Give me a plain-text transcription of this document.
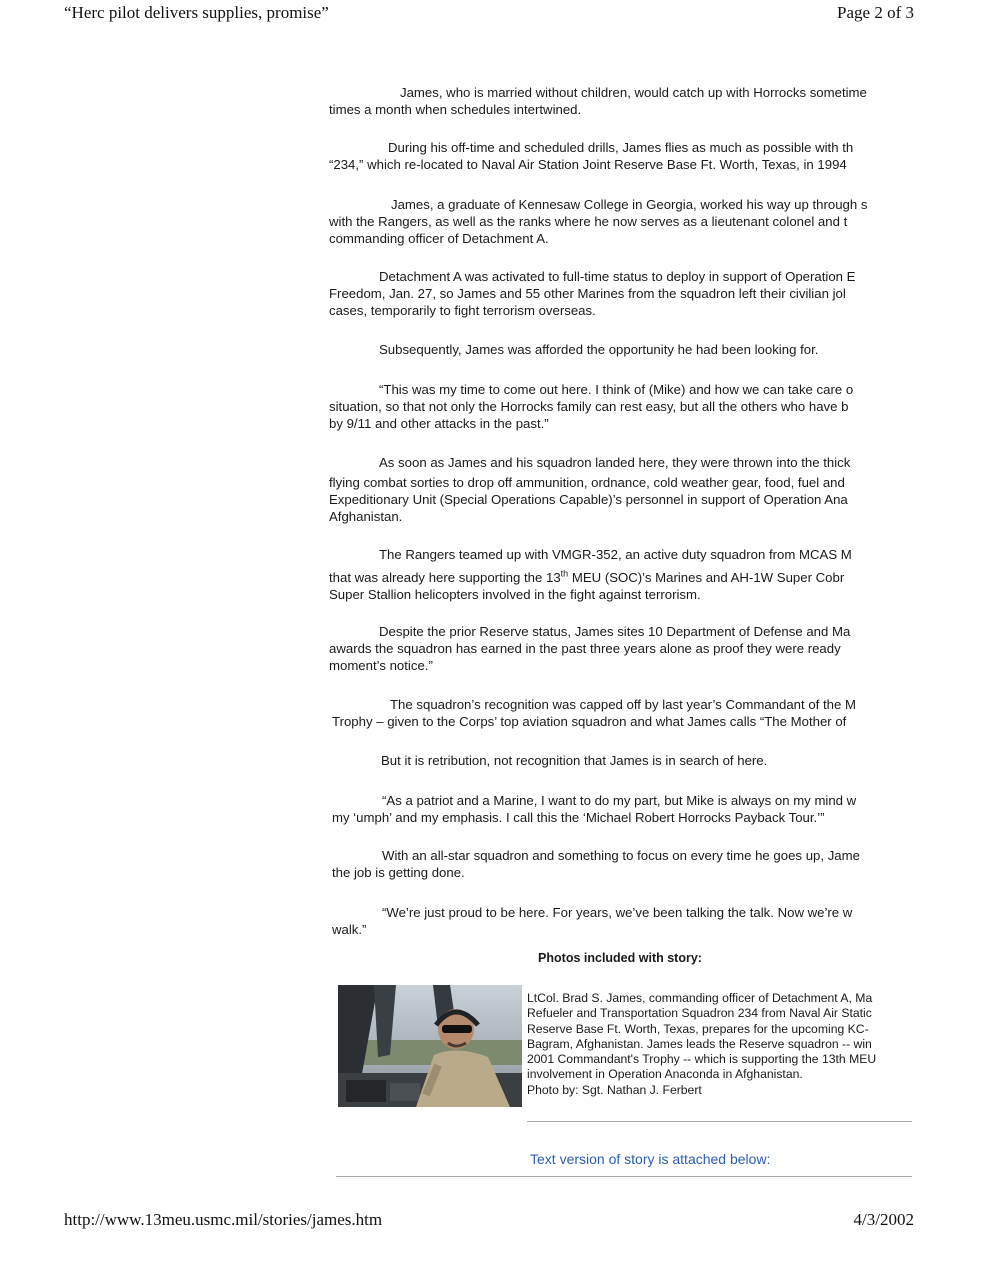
“Herc pilot delivers supplies, promise”	Page 2 of 3

James, who is married without children, would catch up with Horrocks sometime
times a month when schedules intertwined.

During his off-time and scheduled drills, James flies as much as possible with th
“234,” which re-located to Naval Air Station Joint Reserve Base Ft. Worth, Texas, in 1994

James, a graduate of Kennesaw College in Georgia, worked his way up through s
with the Rangers, as well as the ranks where he now serves as a lieutenant colonel and t
commanding officer of Detachment A.

Detachment A was activated to full-time status to deploy in support of Operation E
Freedom, Jan. 27, so James and 55 other Marines from the squadron left their civilian jol
cases, temporarily to fight terrorism overseas.

Subsequently, James was afforded the opportunity he had been looking for.

“This was my time to come out here. I think of (Mike) and how we can take care o
situation, so that not only the Horrocks family can rest easy, but all the others who have b
by 9/11 and other attacks in the past.”

As soon as James and his squadron landed here, they were thrown into the thick
flying combat sorties to drop off ammunition, ordnance, cold weather gear, food, fuel and
Expeditionary Unit (Special Operations Capable)’s personnel in support of Operation Ana
Afghanistan.

The Rangers teamed up with VMGR-352, an active duty squadron from MCAS M
that was already here supporting the 13th MEU (SOC)’s Marines and AH-1W Super Cobr
Super Stallion helicopters involved in the fight against terrorism.

Despite the prior Reserve status, James sites 10 Department of Defense and Ma
awards the squadron has earned in the past three years alone as proof they were ready
moment’s notice.”

The squadron’s recognition was capped off by last year’s Commandant of the M
Trophy – given to the Corps’ top aviation squadron and what James calls “The Mother of

But it is retribution, not recognition that James is in search of here.

“As a patriot and a Marine, I want to do my part, but Mike is always on my mind w
my ‘umph’ and my emphasis. I call this the ‘Michael Robert Horrocks Payback Tour.’”

With an all-star squadron and something to focus on every time he goes up, Jame
the job is getting done.

“We’re just proud to be here. For years, we’ve been talking the talk. Now we’re w
walk.”

Photos included with story:
LtCol. Brad S. James, commanding officer of Detachment A, Ma
Refueler and Transportation Squadron 234 from Naval Air Static
Reserve Base Ft. Worth, Texas, prepares for the upcoming KC-
Bagram, Afghanistan. James leads the Reserve squadron -- win
2001 Commandant's Trophy -- which is supporting the 13th MEU
involvement in Operation Anaconda in Afghanistan.
Photo by: Sgt. Nathan J. Ferbert
Text version of story is attached below:
http://www.13meu.usmc.mil/stories/james.htm	4/3/2002
